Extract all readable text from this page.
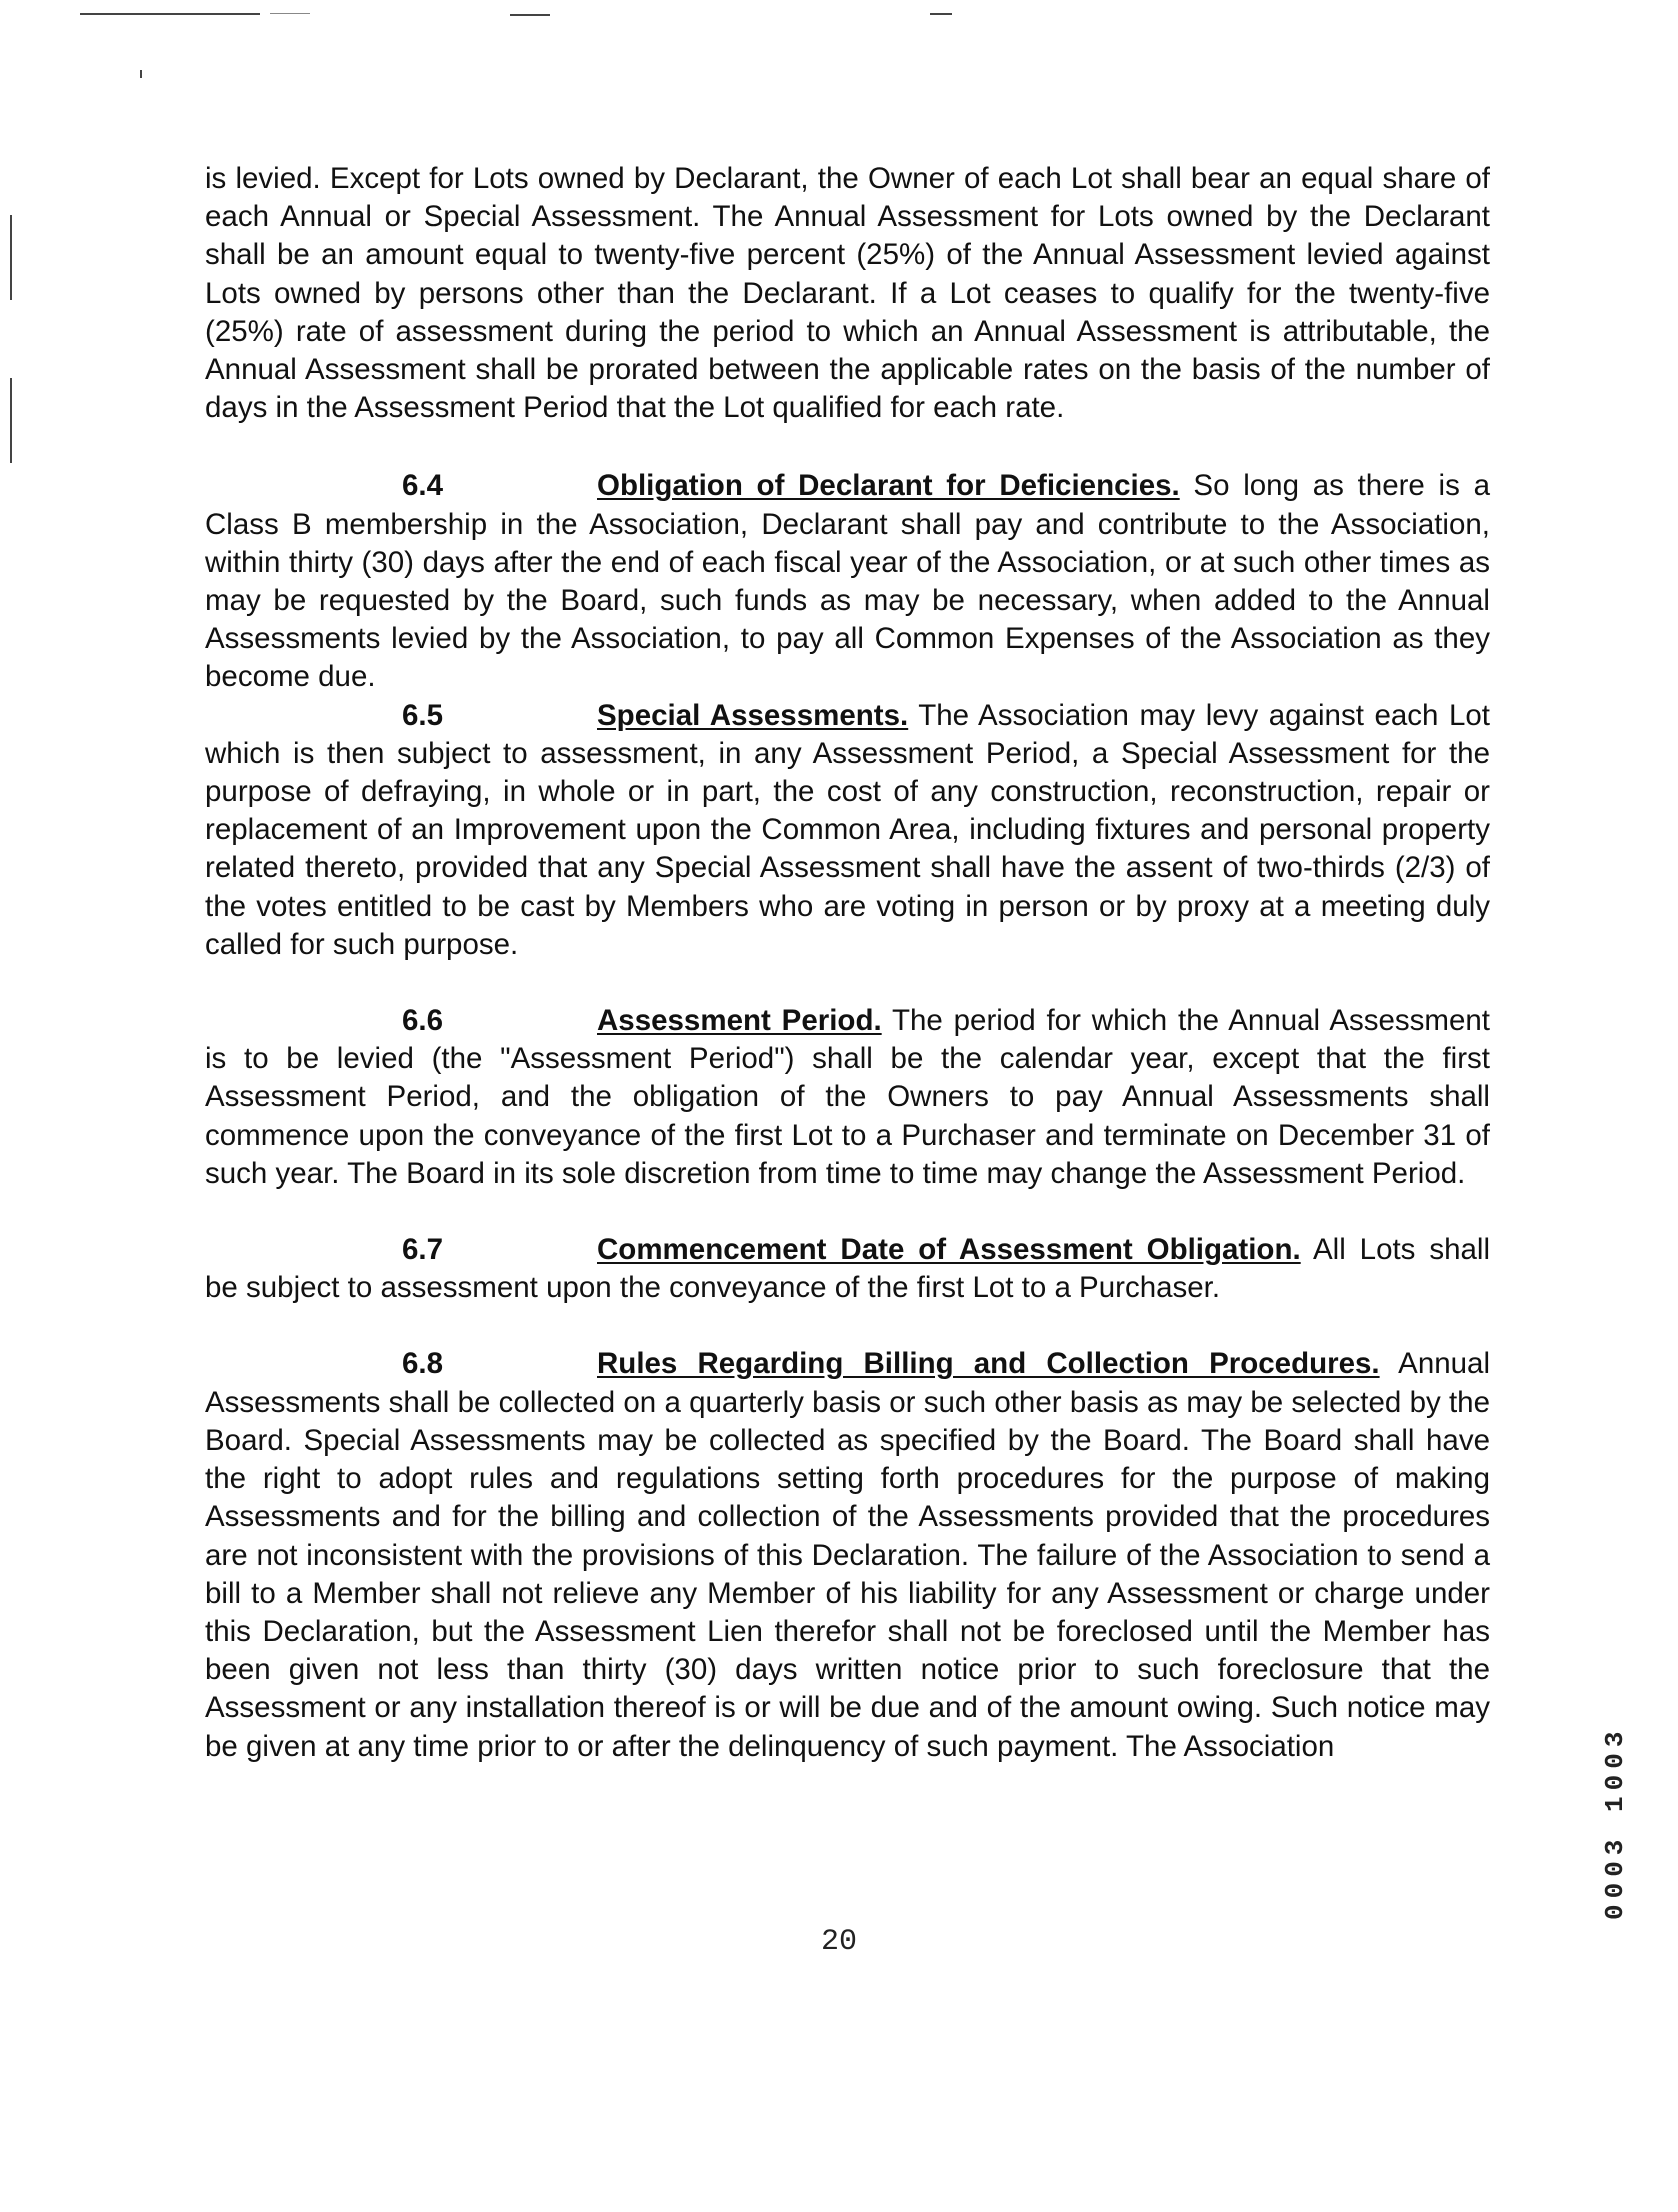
is levied. Except for Lots owned by Declarant, the Owner of each Lot shall bear an equal share of each Annual or Special Assessment. The Annual Assessment for Lots owned by the Declarant shall be an amount equal to twenty-five percent (25%) of the Annual Assessment levied against Lots owned by persons other than the Declarant. If a Lot ceases to qualify for the twenty-five (25%) rate of assessment during the period to which an Annual Assessment is attributable, the Annual Assessment shall be prorated between the applicable rates on the basis of the number of days in the Assessment Period that the Lot qualified for each rate.

6.4	Obligation of Declarant for Deficiencies. So long as there is a Class B membership in the Association, Declarant shall pay and contribute to the Association, within thirty (30) days after the end of each fiscal year of the Association, or at such other times as may be requested by the Board, such funds as may be necessary, when added to the Annual Assessments levied by the Association, to pay all Common Expenses of the Association as they become due.

6.5	Special Assessments. The Association may levy against each Lot which is then subject to assessment, in any Assessment Period, a Special Assessment for the purpose of defraying, in whole or in part, the cost of any construction, reconstruction, repair or replacement of an Improvement upon the Common Area, including fixtures and personal property related thereto, provided that any Special Assessment shall have the assent of two-thirds (2/3) of the votes entitled to be cast by Members who are voting in person or by proxy at a meeting duly called for such purpose.

6.6	Assessment Period. The period for which the Annual Assessment is to be levied (the "Assessment Period") shall be the calendar year, except that the first Assessment Period, and the obligation of the Owners to pay Annual Assessments shall commence upon the conveyance of the first Lot to a Purchaser and terminate on December 31 of such year. The Board in its sole discretion from time to time may change the Assessment Period.

6.7	Commencement Date of Assessment Obligation. All Lots shall be subject to assessment upon the conveyance of the first Lot to a Purchaser.

6.8	Rules Regarding Billing and Collection Procedures. Annual Assessments shall be collected on a quarterly basis or such other basis as may be selected by the Board. Special Assessments may be collected as specified by the Board. The Board shall have the right to adopt rules and regulations setting forth procedures for the purpose of making Assessments and for the billing and collection of the Assessments provided that the procedures are not inconsistent with the provisions of this Declaration. The failure of the Association to send a bill to a Member shall not relieve any Member of his liability for any Assessment or charge under this Declaration, but the Assessment Lien therefor shall not be foreclosed until the Member has been given not less than thirty (30) days written notice prior to such foreclosure that the Assessment or any installation thereof is or will be due and of the amount owing. Such notice may be given at any time prior to or after the delinquency of such payment. The Association

20
0003 1003
